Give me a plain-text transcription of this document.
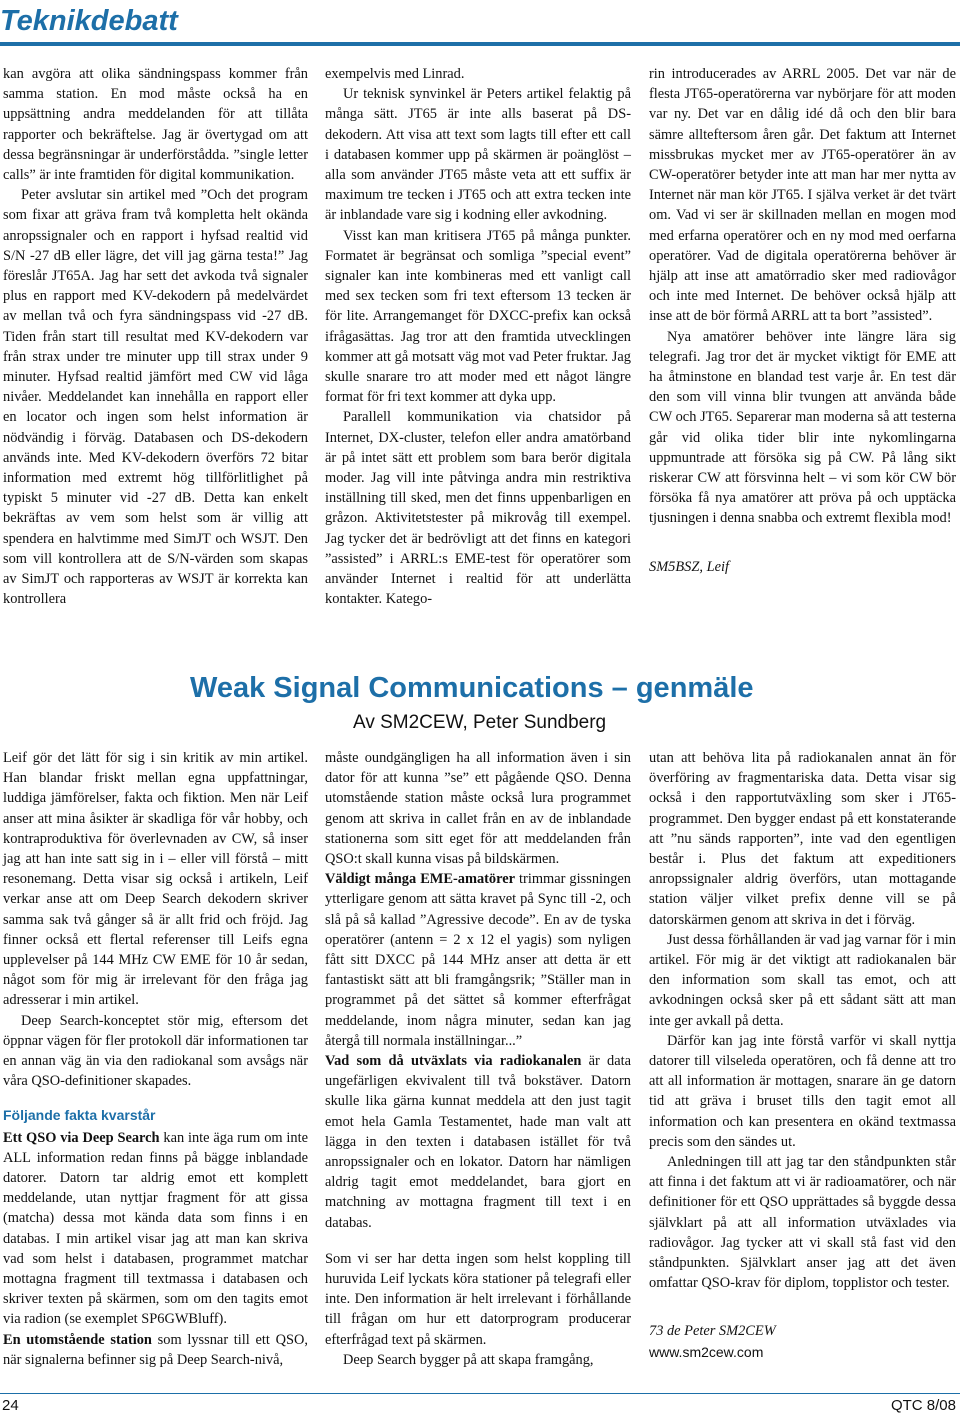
Teknikdebatt

kan avgöra att olika sändningspass kommer från samma station. En mod måste också ha en uppsättning andra meddelanden för att tillåta rapporter och bekräftelse. Jag är övertygad om att dessa begränsningar är underförstådda. ”single letter calls” är inte framtiden för digital kommunikation.

Peter avslutar sin artikel med ”Och det program som fixar att gräva fram två kompletta helt okända anropssignaler och en rapport i hyfsad realtid vid S/N -27 dB eller lägre, det vill jag gärna testa!” Jag föreslår JT65A. Jag har sett det avkoda två signaler plus en rapport med KV-dekodern på medelvärdet av mellan två och fyra sändningspass vid -27 dB. Tiden från start till resultat med KV-dekodern var från strax under tre minuter upp till strax under 9 minuter. Hyfsad realtid jämfört med CW vid låga nivåer. Meddelandet kan innehålla en rapport eller en locator och ingen som helst information är nödvändig i förväg. Databasen och DS-dekodern används inte. Med KV-dekodern överförs 72 bitar information med extremt hög tillförlitlighet på typiskt 5 minuter vid -27 dB. Detta kan enkelt bekräftas av vem som helst som är villig att spendera en halvtimme med SimJT och WSJT. Den som vill kontrollera att de S/N-värden som skapas av SimJT och rapporteras av WSJT är korrekta kan kontrollera

exempelvis med Linrad.

Ur teknisk synvinkel är Peters artikel felaktig på många sätt. JT65 är inte alls baserat på DS-dekodern. Att visa att text som lagts till efter ett call i databasen kommer upp på skärmen är poänglöst – alla som använder JT65 måste veta att ett suffix är maximum tre tecken i JT65 och att extra tecken inte är inblandade vare sig i kodning eller avkodning.

Visst kan man kritisera JT65 på många punkter. Formatet är begränsat och somliga ”special event” signaler kan inte kombineras med ett vanligt call med sex tecken som fri text eftersom 13 tecken är för lite. Arrangemanget för DXCC-prefix kan också ifrågasättas. Jag tror att den framtida utvecklingen kommer att gå motsatt väg mot vad Peter fruktar. Jag skulle snarare tro att moder med ett något längre format för fri text kommer att dyka upp.

Parallell kommunikation via chatsidor på Internet, DX-cluster, telefon eller andra amatörband är på intet sätt ett problem som bara berör digitala moder. Jag vill inte påtvinga andra min restriktiva inställning till sked, men det finns uppenbarligen en gråzon. Aktivitetstester på mikrovåg till exempel. Jag tycker det är bedrövligt att det finns en kategori ”assisted” i ARRL:s EME-test för operatörer som använder Internet i realtid för att underlätta kontakter. Katego-

rin introducerades av ARRL 2005. Det var när de flesta JT65-operatörerna var nybörjare för att moden var ny. Det var en dålig idé då och den blir bara sämre allteftersom åren går. Det faktum att Internet missbrukas mycket mer av JT65-operatörer än av CW-operatörer betyder inte att man har mer nytta av Internet när man kör JT65. I själva verket är det tvärt om. Vad vi ser är skillnaden mellan en mogen mod med erfarna operatörer och en ny mod med oerfarna operatörer. Vad de digitala operatörerna behöver är hjälp att inse att amatörradio sker med radiovågor och inte med Internet. De behöver också hjälp att inse att de bör förmå ARRL att ta bort ”assisted”.

Nya amatörer behöver inte längre lära sig telegrafi. Jag tror det är mycket viktigt för EME att ha åtminstone en blandad test varje år. En test där den som vill vinna blir tvungen att använda både CW och JT65. Separerar man moderna så att testerna går vid olika tider blir inte nykomlingarna uppmuntrade att försöka sig på CW. På lång sikt riskerar CW att försvinna helt – vi som kör CW bör försöka få nya amatörer att pröva på och upptäcka tjusningen i denna snabba och extremt flexibla mod!

SM5BSZ, Leif

Weak Signal Communications – genmäle
Av SM2CEW, Peter Sundberg

Leif gör det lätt för sig i sin kritik av min artikel. Han blandar friskt mellan egna uppfattningar, luddiga jämförelser, fakta och fiktion. Men när Leif anser att mina åsikter är skadliga för vår hobby, och kontraproduktiva för överlevnaden av CW, så inser jag att han inte satt sig in i – eller vill förstå – mitt resonemang. Detta visar sig också i artikeln, Leif verkar anse att om Deep Search dekodern skriver samma sak två gånger så är allt frid och fröjd. Jag finner också ett flertal referenser till Leifs egna upplevelser på 144 MHz CW EME för 10 år sedan, något som för mig är irrelevant för den fråga jag adresserar i min artikel.

Deep Search-konceptet stör mig, eftersom det öppnar vägen för fler protokoll där informationen tar en annan väg än via den radiokanal som avsågs när våra QSO-definitioner skapades.

Följande fakta kvarstår

Ett QSO via Deep Search kan inte äga rum om inte ALL information redan finns på bägge inblandade datorer. Datorn tar aldrig emot ett komplett meddelande, utan nyttjar fragment för att gissa (matcha) dessa mot kända data som finns i en databas. I min artikel visar jag att man kan skriva vad som helst i databasen, programmet matchar mottagna fragment till textmassa i databasen och skriver texten på skärmen, som om den tagits emot via radion (se exemplet SP6GWBluff).

En utomstående station som lyssnar till ett QSO, när signalerna befinner sig på Deep Search-nivå,

måste oundgängligen ha all information även i sin dator för att kunna ”se” ett pågående QSO. Denna utomstående station måste också lura programmet genom att skriva in callet från en av de inblandade stationerna som sitt eget för att meddelanden från QSO:t skall kunna visas på bildskärmen.

Väldigt många EME-amatörer trimmar gissningen ytterligare genom att sätta kravet på Sync till -2, och slå på så kallad ”Agressive decode”. En av de tyska operatörer (antenn = 2 x 12 el yagis) som nyligen fått sitt DXCC på 144 MHz anser att detta är ett fantastiskt sätt att bli framgångsrik; ”Ställer man in programmet på det sättet så kommer efterfrågat meddelande, inom några minuter, sedan kan jag återgå till normala inställningar...”

Vad som då utväxlats via radiokanalen är data ungefärligen ekvivalent till två bokstäver. Datorn skulle lika gärna kunnat meddela att den just tagit emot hela Gamla Testamentet, hade man valt att lägga in den texten i databasen istället för två anropssignaler och en lokator. Datorn har nämligen aldrig tagit emot meddelandet, bara gjort en matchning av mottagna fragment till text i en databas.

Som vi ser har detta ingen som helst koppling till huruvida Leif lyckats köra stationer på telegrafi eller inte. Den information är helt irrelevant i förhållande till frågan om hur ett datorprogram producerar efterfrågad text på skärmen.

Deep Search bygger på att skapa framgång,

utan att behöva lita på radiokanalen annat än för överföring av fragmentariska data. Detta visar sig också i den rapportutväxling som sker i JT65-programmet. Den bygger endast på ett konstaterande att ”nu sänds rapporten”, inte vad den egentligen består i. Plus det faktum att expeditioners anropssignaler aldrig överförs, utan mottagande station väljer vilket prefix denne vill se på datorskärmen genom att skriva in det i förväg.

Just dessa förhållanden är vad jag varnar för i min artikel. För mig är det viktigt att radiokanalen bär den information som skall tas emot, och att avkodningen också sker på ett sådant sätt att man inte ger avkall på detta.

Därför kan jag inte förstå varför vi skall nyttja datorer till vilseleda operatören, och få denne att tro att all information är mottagen, snarare än ge datorn tid att gräva i bruset tills den tagit emot all information och kan presentera en okänd textmassa precis som den sändes ut.

Anledningen till att jag tar den ståndpunkten står att finna i det faktum att vi är radioamatörer, och när definitioner för ett QSO upprättades så byggde dessa självklart på att all information utväxlades via radiovågor. Jag tycker att vi skall stå fast vid den ståndpunkten. Självklart anser jag att det även omfattar QSO-krav för diplom, topplistor och tester.

73 de Peter SM2CEW

www.sm2cew.com

24	QTC 8/08
